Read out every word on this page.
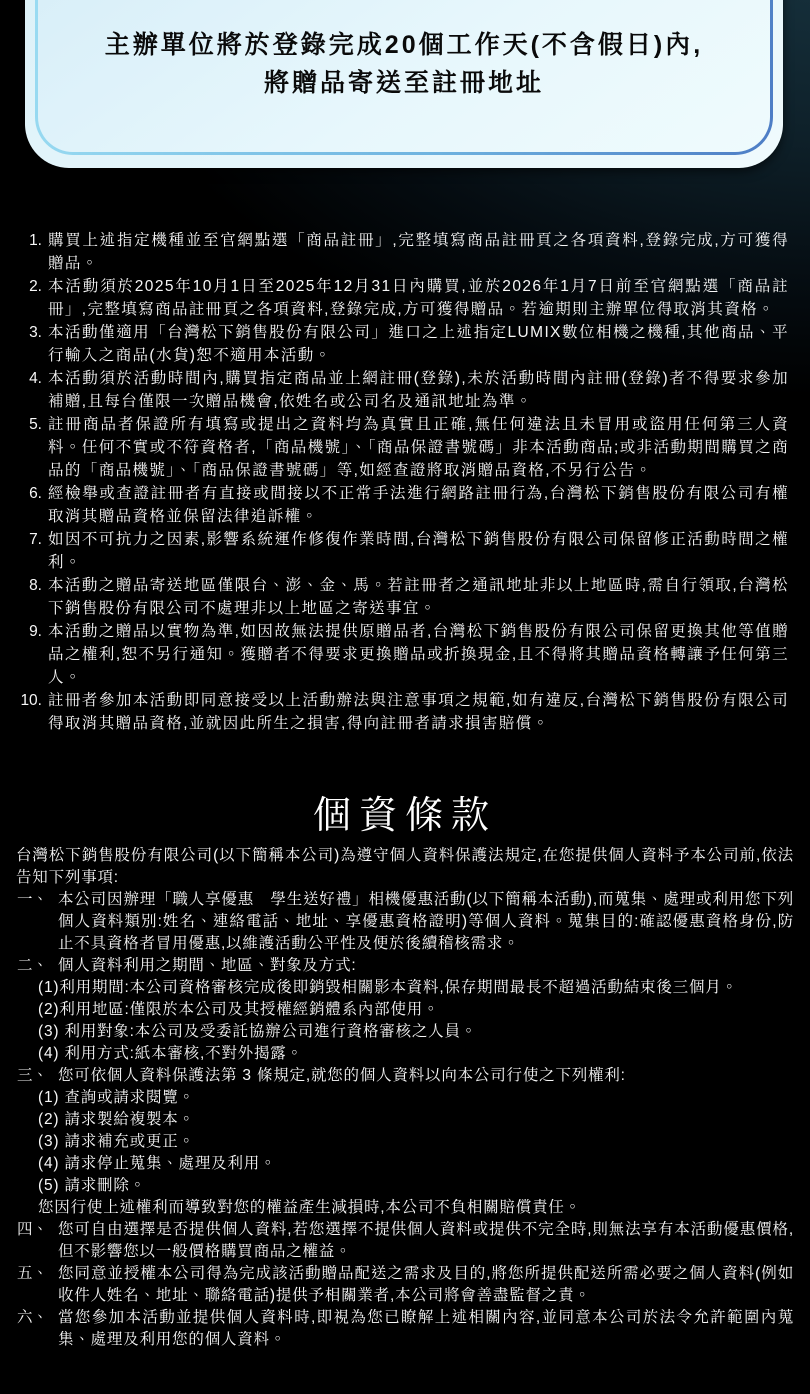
主辦單位將於登錄完成20個工作天(不含假日)內,
將贈品寄送至註冊地址
1. 購買上述指定機種並至官網點選「商品註冊」,完整填寫商品註冊頁之各項資料,登錄完成,方可獲得贈品。
2. 本活動須於2025年10月1日至2025年12月31日內購買,並於2026年1月7日前至官網點選「商品註冊」,完整填寫商品註冊頁之各項資料,登錄完成,方可獲得贈品。若逾期則主辦單位得取消其資格。
3. 本活動僅適用「台灣松下銷售股份有限公司」進口之上述指定LUMIX數位相機之機種,其他商品、平行輸入之商品(水貨)恕不適用本活動。
4. 本活動須於活動時間內,購買指定商品並上網註冊(登錄),未於活動時間內註冊(登錄)者不得要求參加補贈,且每台僅限一次贈品機會,依姓名或公司名及通訊地址為準。
5. 註冊商品者保證所有填寫或提出之資料均為真實且正確,無任何違法且未冒用或盜用任何第三人資料。任何不實或不符資格者,「商品機號」、「商品保證書號碼」非本活動商品;或非活動期間購買之商品的「商品機號」、「商品保證書號碼」等,如經查證將取消贈品資格,不另行公告。
6. 經檢舉或查證註冊者有直接或間接以不正常手法進行網路註冊行為,台灣松下銷售股份有限公司有權取消其贈品資格並保留法律追訴權。
7. 如因不可抗力之因素,影響系統運作修復作業時間,台灣松下銷售股份有限公司保留修正活動時間之權利。
8. 本活動之贈品寄送地區僅限台、澎、金、馬。若註冊者之通訊地址非以上地區時,需自行領取,台灣松下銷售股份有限公司不處理非以上地區之寄送事宜。
9. 本活動之贈品以實物為準,如因故無法提供原贈品者,台灣松下銷售股份有限公司保留更換其他等值贈品之權利,恕不另行通知。獲贈者不得要求更換贈品或折換現金,且不得將其贈品資格轉讓予任何第三人。
10. 註冊者參加本活動即同意接受以上活動辦法與注意事項之規範,如有違反,台灣松下銷售股份有限公司得取消其贈品資格,並就因此所生之損害,得向註冊者請求損害賠償。
個資條款

台灣松下銷售股份有限公司(以下簡稱本公司)為遵守個人資料保護法規定,在您提供個人資料予本公司前,依法告知下列事項:

一、 本公司因辦理「職人享優惠　學生送好禮」相機優惠活動(以下簡稱本活動),而蒐集、處理或利用您下列個人資料類別:姓名、連絡電話、地址、享優惠資格證明)等個人資料。蒐集目的:確認優惠資格身份,防止不具資格者冒用優惠,以維護活動公平性及便於後續稽核需求。
二、 個人資料利用之期間、地區、對象及方式:
(1)利用期間:本公司資格審核完成後即銷毀相關影本資料,保存期間最長不超過活動結束後三個月。
(2)利用地區:僅限於本公司及其授權經銷體系內部使用。
(3) 利用對象:本公司及受委託協辦公司進行資格審核之人員。
(4) 利用方式:紙本審核,不對外揭露。
三、 您可依個人資料保護法第 3 條規定,就您的個人資料以向本公司行使之下列權利:
(1) 查詢或請求閱覽。
(2) 請求製給複製本。
(3) 請求補充或更正。
(4) 請求停止蒐集、處理及利用。
(5) 請求刪除。
您因行使上述權利而導致對您的權益產生減損時,本公司不負相關賠償責任。
四、 您可自由選擇是否提供個人資料,若您選擇不提供個人資料或提供不完全時,則無法享有本活動優惠價格,但不影響您以一般價格購買商品之權益。
五、 您同意並授權本公司得為完成該活動贈品配送之需求及目的,將您所提供配送所需必要之個人資料(例如收件人姓名、地址、聯絡電話)提供予相關業者,本公司將會善盡監督之責。
六、 當您參加本活動並提供個人資料時,即視為您已瞭解上述相關內容,並同意本公司於法令允許範圍內蒐集、處理及利用您的個人資料。
